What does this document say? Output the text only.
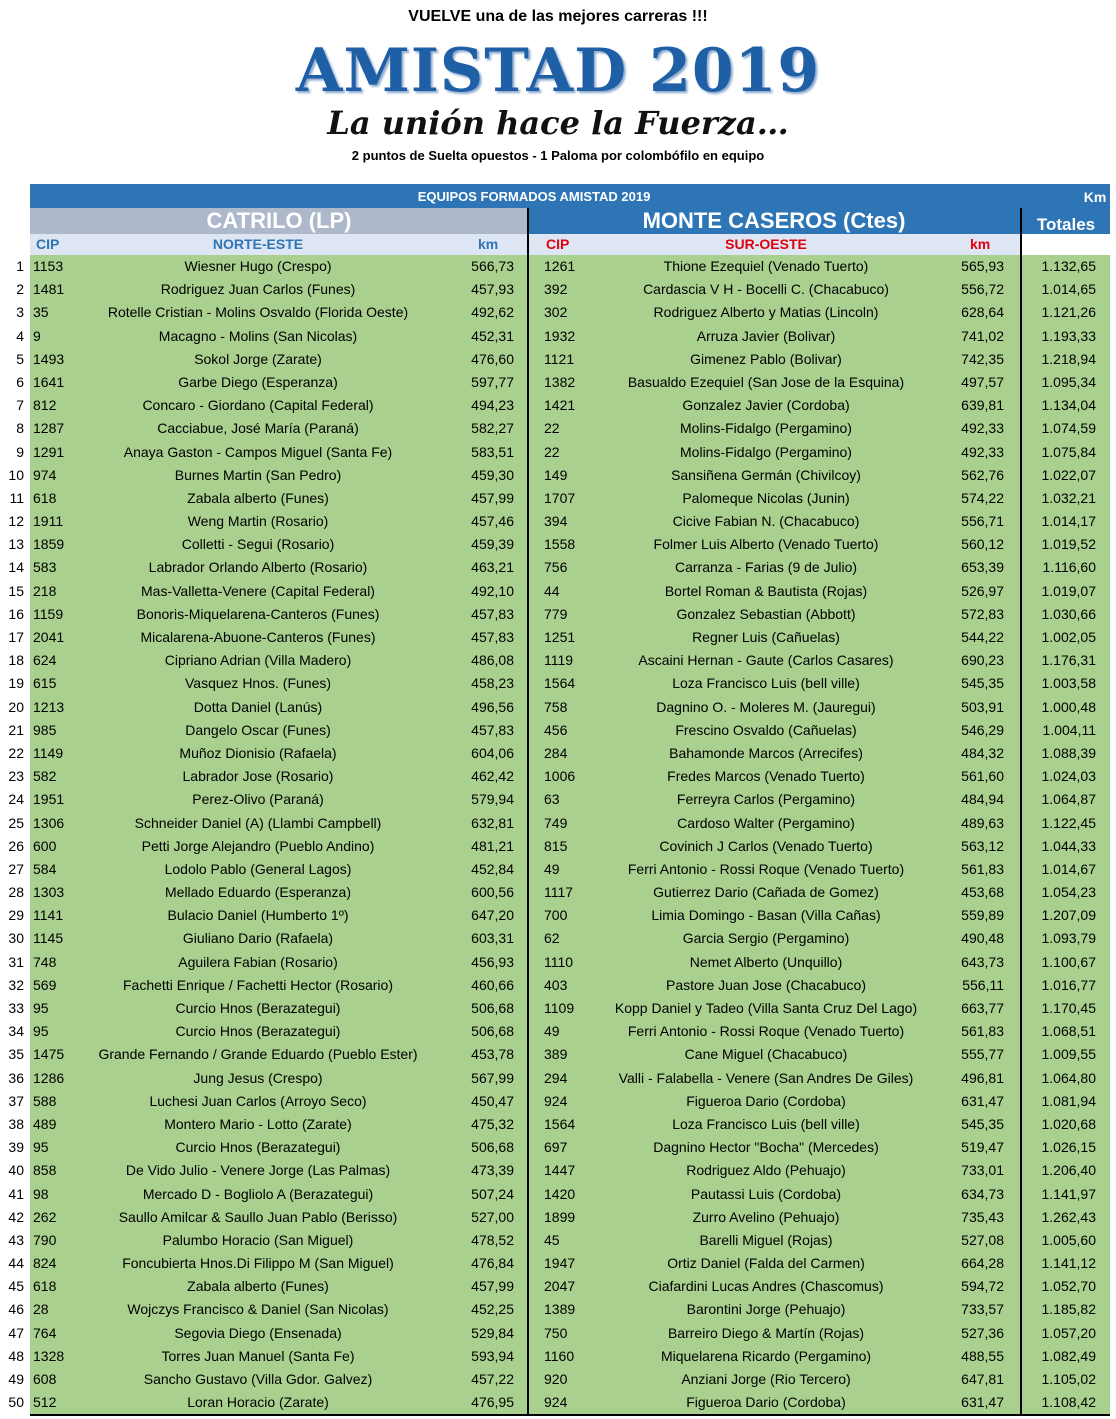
VUELVE una de las mejores carreras !!!
AMISTAD 2019
La unión hace la Fuerza…
2 puntos de Suelta opuestos - 1 Paloma por colombófilo en equipo
EQUIPOS FORMADOS AMISTAD 2019	Km
CATRILO (LP)	MONTE CASEROS (Ctes)	Totales
CIP	NORTE-ESTE	km	CIP	SUR-OESTE	km
1 1153	Wiesner Hugo (Crespo)	566,73 1261	Thione Ezequiel (Venado Tuerto)	565,93	1.132,65
2 1481	Rodriguez Juan Carlos (Funes)	457,93 392	Cardascia V H - Bocelli C. (Chacabuco)	556,72	1.014,65
3 35	Rotelle Cristian - Molins Osvaldo (Florida Oeste)	492,62 302	Rodriguez Alberto y Matias (Lincoln)	628,64	1.121,26
4 9	Macagno - Molins (San Nicolas)	452,31 1932	Arruza Javier (Bolivar)	741,02	1.193,33
5 1493	Sokol Jorge (Zarate)	476,60 1121	Gimenez Pablo (Bolivar)	742,35	1.218,94
6 1641	Garbe Diego (Esperanza)	597,77 1382	Basualdo Ezequiel (San Jose de la Esquina)	497,57	1.095,34
7 812	Concaro - Giordano (Capital Federal)	494,23 1421	Gonzalez Javier (Cordoba)	639,81	1.134,04
8 1287	Cacciabue, José María (Paraná)	582,27 22	Molins-Fidalgo (Pergamino)	492,33	1.074,59
9 1291	Anaya Gaston - Campos Miguel (Santa Fe)	583,51 22	Molins-Fidalgo (Pergamino)	492,33	1.075,84
10 974	Burnes Martin (San Pedro)	459,30 149	Sansiñena Germán (Chivilcoy)	562,76	1.022,07
11 618	Zabala alberto (Funes)	457,99 1707	Palomeque Nicolas (Junin)	574,22	1.032,21
12 1911	Weng Martin (Rosario)	457,46 394	Cicive Fabian N. (Chacabuco)	556,71	1.014,17
13 1859	Colletti - Segui (Rosario)	459,39 1558	Folmer Luis Alberto (Venado Tuerto)	560,12	1.019,52
14 583	Labrador Orlando Alberto (Rosario)	463,21 756	Carranza - Farias (9 de Julio)	653,39	1.116,60
15 218	Mas-Valletta-Venere (Capital Federal)	492,10 44	Bortel Roman & Bautista (Rojas)	526,97	1.019,07
16 1159	Bonoris-Miquelarena-Canteros (Funes)	457,83 779	Gonzalez Sebastian (Abbott)	572,83	1.030,66
17 2041	Micalarena-Abuone-Canteros (Funes)	457,83 1251	Regner Luis (Cañuelas)	544,22	1.002,05
18 624	Cipriano Adrian (Villa Madero)	486,08 1119	Ascaini Hernan - Gaute (Carlos Casares)	690,23	1.176,31
19 615	Vasquez Hnos. (Funes)	458,23 1564	Loza Francisco Luis (bell ville)	545,35	1.003,58
20 1213	Dotta Daniel (Lanús)	496,56 758	Dagnino O. - Moleres M. (Jauregui)	503,91	1.000,48
21 985	Dangelo Oscar (Funes)	457,83 456	Frescino Osvaldo (Cañuelas)	546,29	1.004,11
22 1149	Muñoz Dionisio (Rafaela)	604,06 284	Bahamonde Marcos (Arrecifes)	484,32	1.088,39
23 582	Labrador Jose (Rosario)	462,42 1006	Fredes Marcos (Venado Tuerto)	561,60	1.024,03
24 1951	Perez-Olivo (Paraná)	579,94 63	Ferreyra Carlos (Pergamino)	484,94	1.064,87
25 1306	Schneider Daniel (A) (Llambi Campbell)	632,81 749	Cardoso Walter (Pergamino)	489,63	1.122,45
26 600	Petti Jorge Alejandro (Pueblo Andino)	481,21 815	Covinich J Carlos (Venado Tuerto)	563,12	1.044,33
27 584	Lodolo Pablo (General Lagos)	452,84 49	Ferri Antonio - Rossi Roque (Venado Tuerto)	561,83	1.014,67
28 1303	Mellado Eduardo (Esperanza)	600,56 1117	Gutierrez Dario (Cañada de Gomez)	453,68	1.054,23
29 1141	Bulacio Daniel (Humberto 1º)	647,20 700	Limia Domingo - Basan (Villa Cañas)	559,89	1.207,09
30 1145	Giuliano Dario (Rafaela)	603,31 62	Garcia Sergio (Pergamino)	490,48	1.093,79
31 748	Aguilera Fabian (Rosario)	456,93 1110	Nemet Alberto (Unquillo)	643,73	1.100,67
32 569	Fachetti Enrique / Fachetti Hector (Rosario)	460,66 403	Pastore Juan Jose (Chacabuco)	556,11	1.016,77
33 95	Curcio Hnos (Berazategui)	506,68 1109	Kopp Daniel y Tadeo (Villa Santa Cruz Del Lago)	663,77	1.170,45
34 95	Curcio Hnos (Berazategui)	506,68 49	Ferri Antonio - Rossi Roque (Venado Tuerto)	561,83	1.068,51
35 1475	Grande Fernando / Grande Eduardo (Pueblo Ester)	453,78 389	Cane Miguel (Chacabuco)	555,77	1.009,55
36 1286	Jung Jesus (Crespo)	567,99 294	Valli - Falabella - Venere (San Andres De Giles)	496,81	1.064,80
37 588	Luchesi Juan Carlos (Arroyo Seco)	450,47 924	Figueroa Dario (Cordoba)	631,47	1.081,94
38 489	Montero Mario - Lotto (Zarate)	475,32 1564	Loza Francisco Luis (bell ville)	545,35	1.020,68
39 95	Curcio Hnos (Berazategui)	506,68 697	Dagnino Hector "Bocha" (Mercedes)	519,47	1.026,15
40 858	De Vido Julio - Venere Jorge (Las Palmas)	473,39 1447	Rodriguez Aldo (Pehuajo)	733,01	1.206,40
41 98	Mercado D - Bogliolo A (Berazategui)	507,24 1420	Pautassi Luis (Cordoba)	634,73	1.141,97
42 262	Saullo Amilcar & Saullo Juan Pablo (Berisso)	527,00 1899	Zurro Avelino (Pehuajo)	735,43	1.262,43
43 790	Palumbo Horacio (San Miguel)	478,52 45	Barelli Miguel (Rojas)	527,08	1.005,60
44 824	Foncubierta Hnos.Di Filippo M (San Miguel)	476,84 1947	Ortiz Daniel (Falda del Carmen)	664,28	1.141,12
45 618	Zabala alberto (Funes)	457,99 2047	Ciafardini Lucas Andres (Chascomus)	594,72	1.052,70
46 28	Wojczys Francisco & Daniel (San Nicolas)	452,25 1389	Barontini Jorge (Pehuajo)	733,57	1.185,82
47 764	Segovia Diego (Ensenada)	529,84 750	Barreiro Diego & Martín (Rojas)	527,36	1.057,20
48 1328	Torres Juan Manuel (Santa Fe)	593,94 1160	Miquelarena Ricardo (Pergamino)	488,55	1.082,49
49 608	Sancho Gustavo (Villa Gdor. Galvez)	457,22 920	Anziani Jorge (Rio Tercero)	647,81	1.105,02
50 512	Loran Horacio (Zarate)	476,95 924	Figueroa Dario (Cordoba)	631,47	1.108,42
